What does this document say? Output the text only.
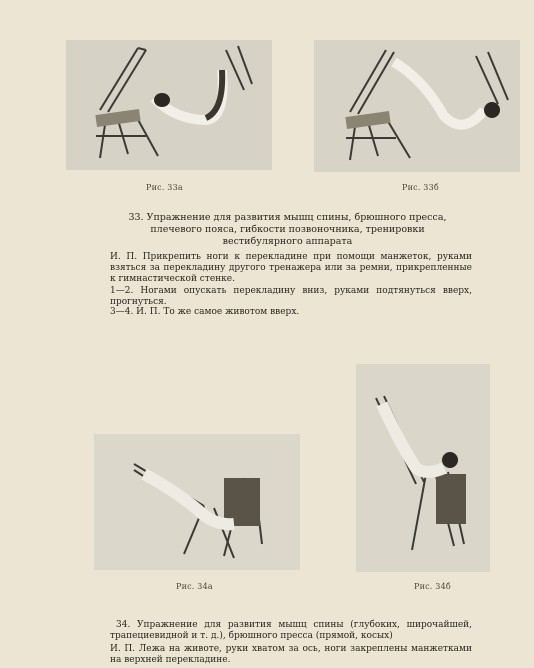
Рис. 33а	Рис. 33б
33. Упражнение для развития мышц спины, брюшного пресса, плечевого пояса, гибкости позвоночника, тренировки вестибулярного аппарата
И. П. Прикрепить ноги к перекладине при помощи манжеток, руками взяться за перекладину другого тренажера или за ремни, прикрепленные к гимнастической стенке.
1—2. Ногами опускать перекладину вниз, руками подтянуться вверх, прогнуться.
3—4. И. П. То же самое животом вверх.
Рис. 34а	Рис. 34б
34. Упражнение для развития мышц спины (глубоких, широчайшей, трапециевидной и т. д.), брюшного пресса (прямой, косых)
И. П. Лежа на животе, руки хватом за ось, ноги закреплены манжетками на верхней перекладине.
